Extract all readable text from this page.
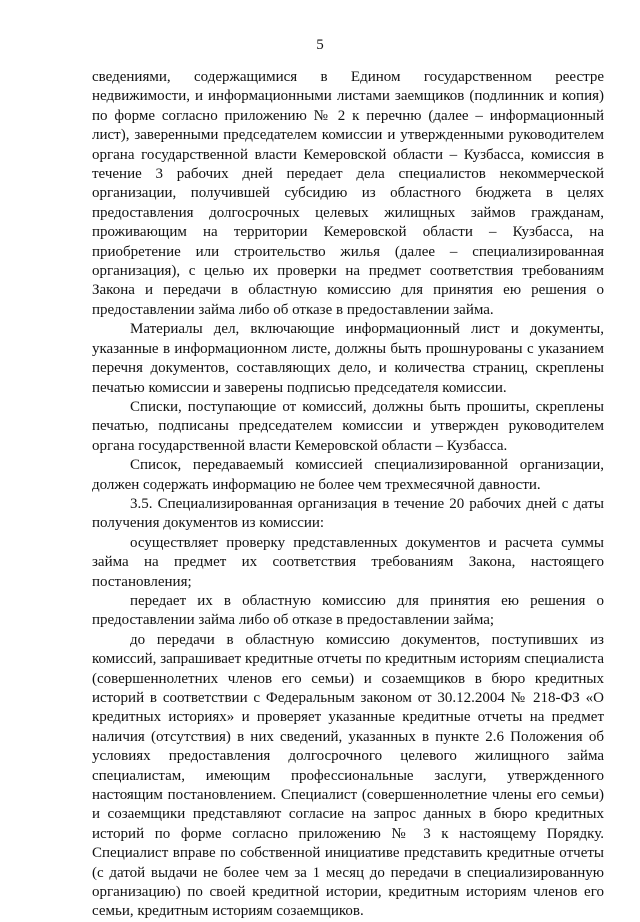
5

сведениями, содержащимися в Едином государственном реестре недвижимости, и информационными листами заемщиков (подлинник и копия) по форме согласно приложению № 2 к перечню (далее – информационный лист), заверенными председателем комиссии и утвержденными руководителем органа государственной власти Кемеровской области – Кузбасса, комиссия в течение 3 рабочих дней передает дела специалистов некоммерческой организации, получившей субсидию из областного бюджета в целях предоставления долгосрочных целевых жилищных займов гражданам, проживающим на территории Кемеровской области – Кузбасса, на приобретение или строительство жилья (далее – специализированная организация), с целью их проверки на предмет соответствия требованиям Закона и передачи в областную комиссию для принятия ею решения о предоставлении займа либо об отказе в предоставлении займа.

Материалы дел, включающие информационный лист и документы, указанные в информационном листе, должны быть прошнурованы с указанием перечня документов, составляющих дело, и количества страниц, скреплены печатью комиссии и заверены подписью председателя комиссии.

Списки, поступающие от комиссий, должны быть прошиты, скреплены печатью, подписаны председателем комиссии и утвержден руководителем органа государственной власти Кемеровской области – Кузбасса.

Список, передаваемый комиссией специализированной организации, должен содержать информацию не более чем трехмесячной давности.

3.5. Специализированная организация в течение 20 рабочих дней с даты получения документов из комиссии:

осуществляет проверку представленных документов и расчета суммы займа на предмет их соответствия требованиям Закона, настоящего постановления;

передает их в областную комиссию для принятия ею решения о предоставлении займа либо об отказе в предоставлении займа;

до передачи в областную комиссию документов, поступивших из комиссий, запрашивает кредитные отчеты по кредитным историям специалиста (совершеннолетних членов его семьи) и созаемщиков в бюро кредитных историй в соответствии с Федеральным законом от 30.12.2004 № 218-ФЗ «О кредитных историях» и проверяет указанные кредитные отчеты на предмет наличия (отсутствия) в них сведений, указанных в пункте 2.6 Положения об условиях предоставления долгосрочного целевого жилищного займа специалистам, имеющим профессиональные заслуги, утвержденного настоящим постановлением. Специалист (совершеннолетние члены его семьи) и созаемщики представляют согласие на запрос данных в бюро кредитных историй по форме согласно приложению № 3 к настоящему Порядку. Специалист вправе по собственной инициативе представить кредитные отчеты (с датой выдачи не более чем за 1 месяц до передачи в специализированную организацию) по своей кредитной истории, кредитным историям членов его семьи, кредитным историям созаемщиков.
